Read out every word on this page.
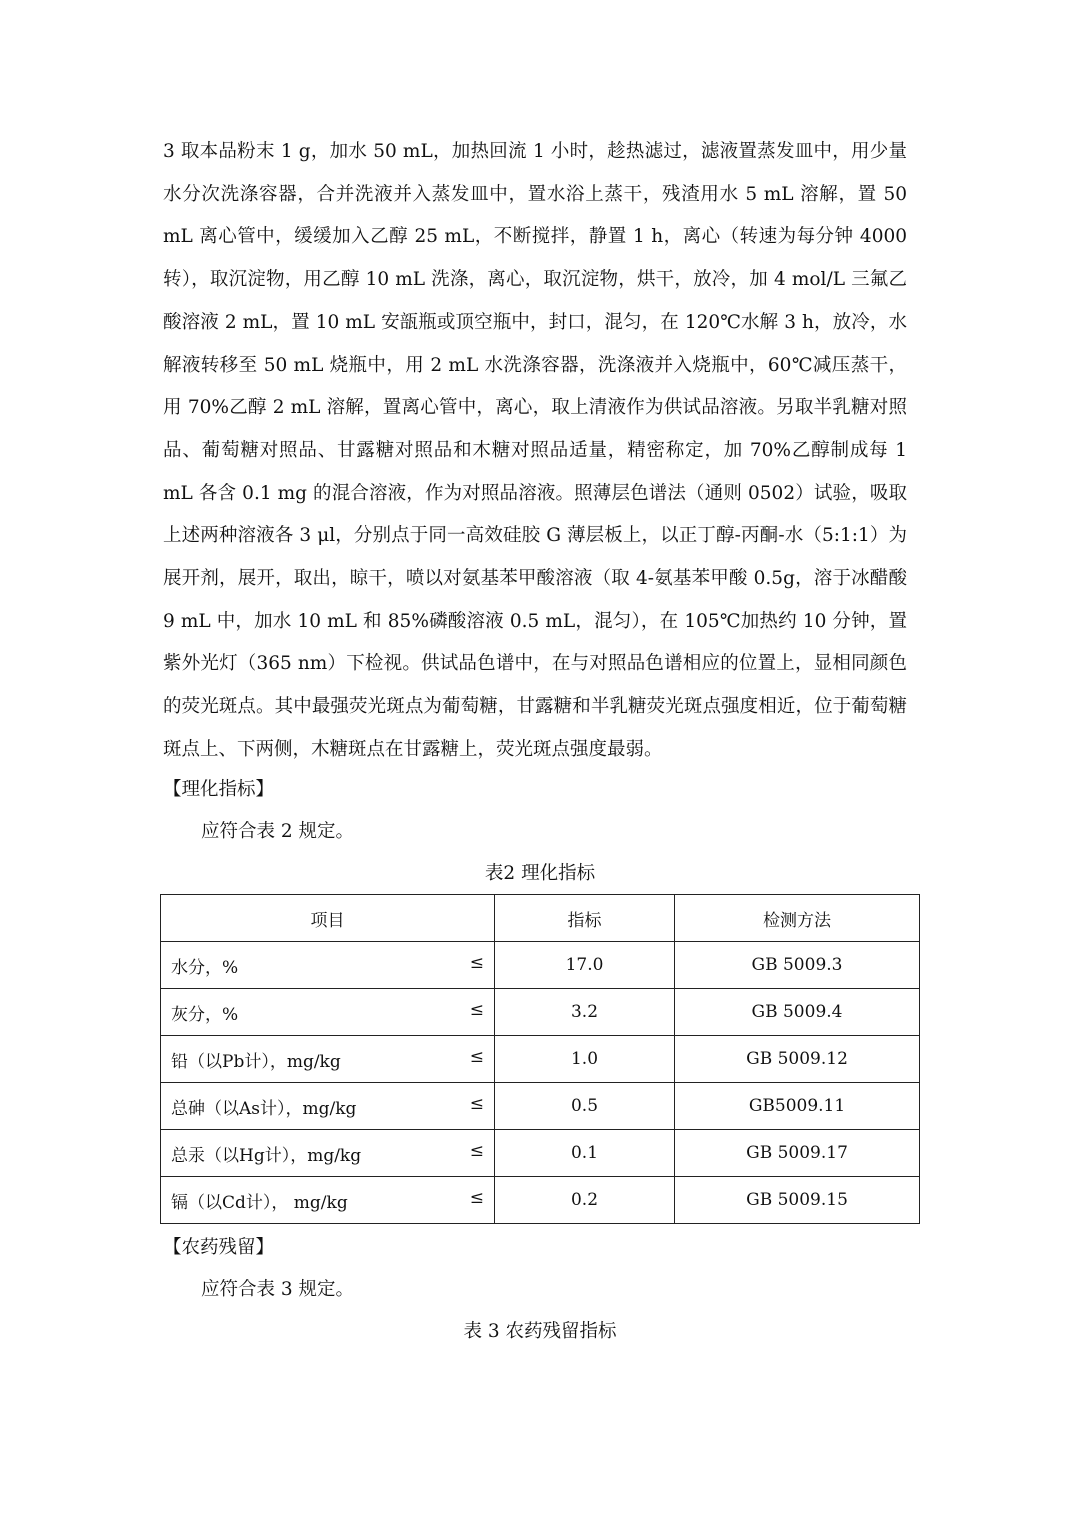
3 取本品粉末 1 g，加水 50 mL，加热回流 1 小时，趁热滤过，滤液置蒸发皿中，用少量水分次洗涤容器，合并洗液并入蒸发皿中，置水浴上蒸干，残渣用水 5 mL 溶解，置 50 mL 离心管中，缓缓加入乙醇 25 mL，不断搅拌，静置 1 h，离心（转速为每分钟 4000 转），取沉淀物，用乙醇 10 mL 洗涤，离心，取沉淀物，烘干，放冷，加 4 mol/L 三氟乙酸溶液 2 mL，置 10 mL 安瓿瓶或顶空瓶中，封口，混匀，在 120℃水解 3 h，放冷，水解液转移至 50 mL 烧瓶中，用 2 mL 水洗涤容器，洗涤液并入烧瓶中，60℃减压蒸干，用 70%乙醇 2 mL 溶解，置离心管中，离心，取上清液作为供试品溶液。另取半乳糖对照品、葡萄糖对照品、甘露糖对照品和木糖对照品适量，精密称定，加 70%乙醇制成每 1 mL 各含 0.1 mg 的混合溶液，作为对照品溶液。照薄层色谱法（通则 0502）试验，吸取上述两种溶液各 3 μl，分别点于同一高效硅胶 G 薄层板上，以正丁醇-丙酮-水（5:1:1）为展开剂，展开，取出，晾干，喷以对氨基苯甲酸溶液（取 4-氨基苯甲酸 0.5g，溶于冰醋酸 9 mL 中，加水 10 mL 和 85%磷酸溶液 0.5 mL，混匀），在 105℃加热约 10 分钟，置紫外光灯（365 nm）下检视。供试品色谱中，在与对照品色谱相应的位置上，显相同颜色的荧光斑点。其中最强荧光斑点为葡萄糖，甘露糖和半乳糖荧光斑点强度相近，位于葡萄糖斑点上、下两侧，木糖斑点在甘露糖上，荧光斑点强度最弱。

【理化指标】

应符合表 2 规定。

表2 理化指标

项目	指标	检测方法
水分，% ≤	17.0	GB 5009.3
灰分，% ≤	3.2	GB 5009.4
铅（以Pb计），mg/kg ≤	1.0	GB 5009.12
总砷（以As计），mg/kg ≤	0.5	GB5009.11
总汞（以Hg计），mg/kg ≤	0.1	GB 5009.17
镉（以Cd计）， mg/kg ≤	0.2	GB 5009.15

【农药残留】

应符合表 3 规定。

表 3 农药残留指标
